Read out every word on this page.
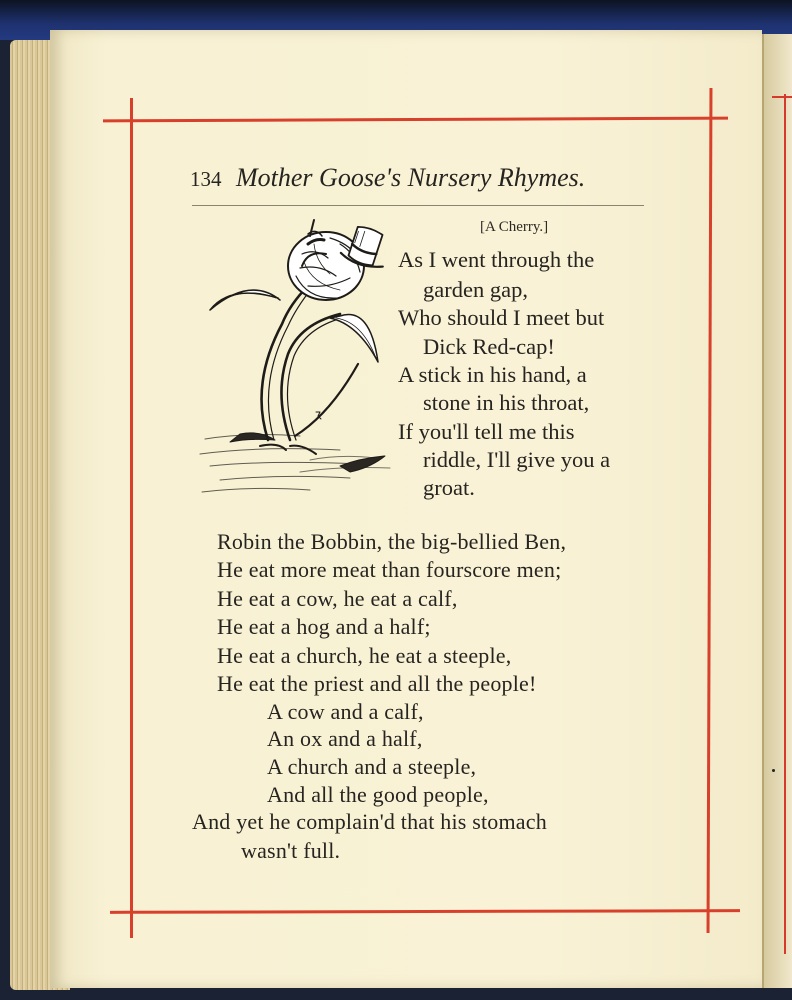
134 Mother Goose's Nursery Rhymes.
[A Cherry.]
As I went through the
garden gap,
Who should I meet but
Dick Red-cap!
A stick in his hand, a
stone in his throat,
If you'll tell me this
riddle, I'll give you a
groat.
Robin the Bobbin, the big-bellied Ben,
He eat more meat than fourscore men;
He eat a cow, he eat a calf,
He eat a hog and a half;
He eat a church, he eat a steeple,
He eat the priest and all the people!
A cow and a calf,
An ox and a half,
A church and a steeple,
And all the good people,
And yet he complain'd that his stomach
wasn't full.
